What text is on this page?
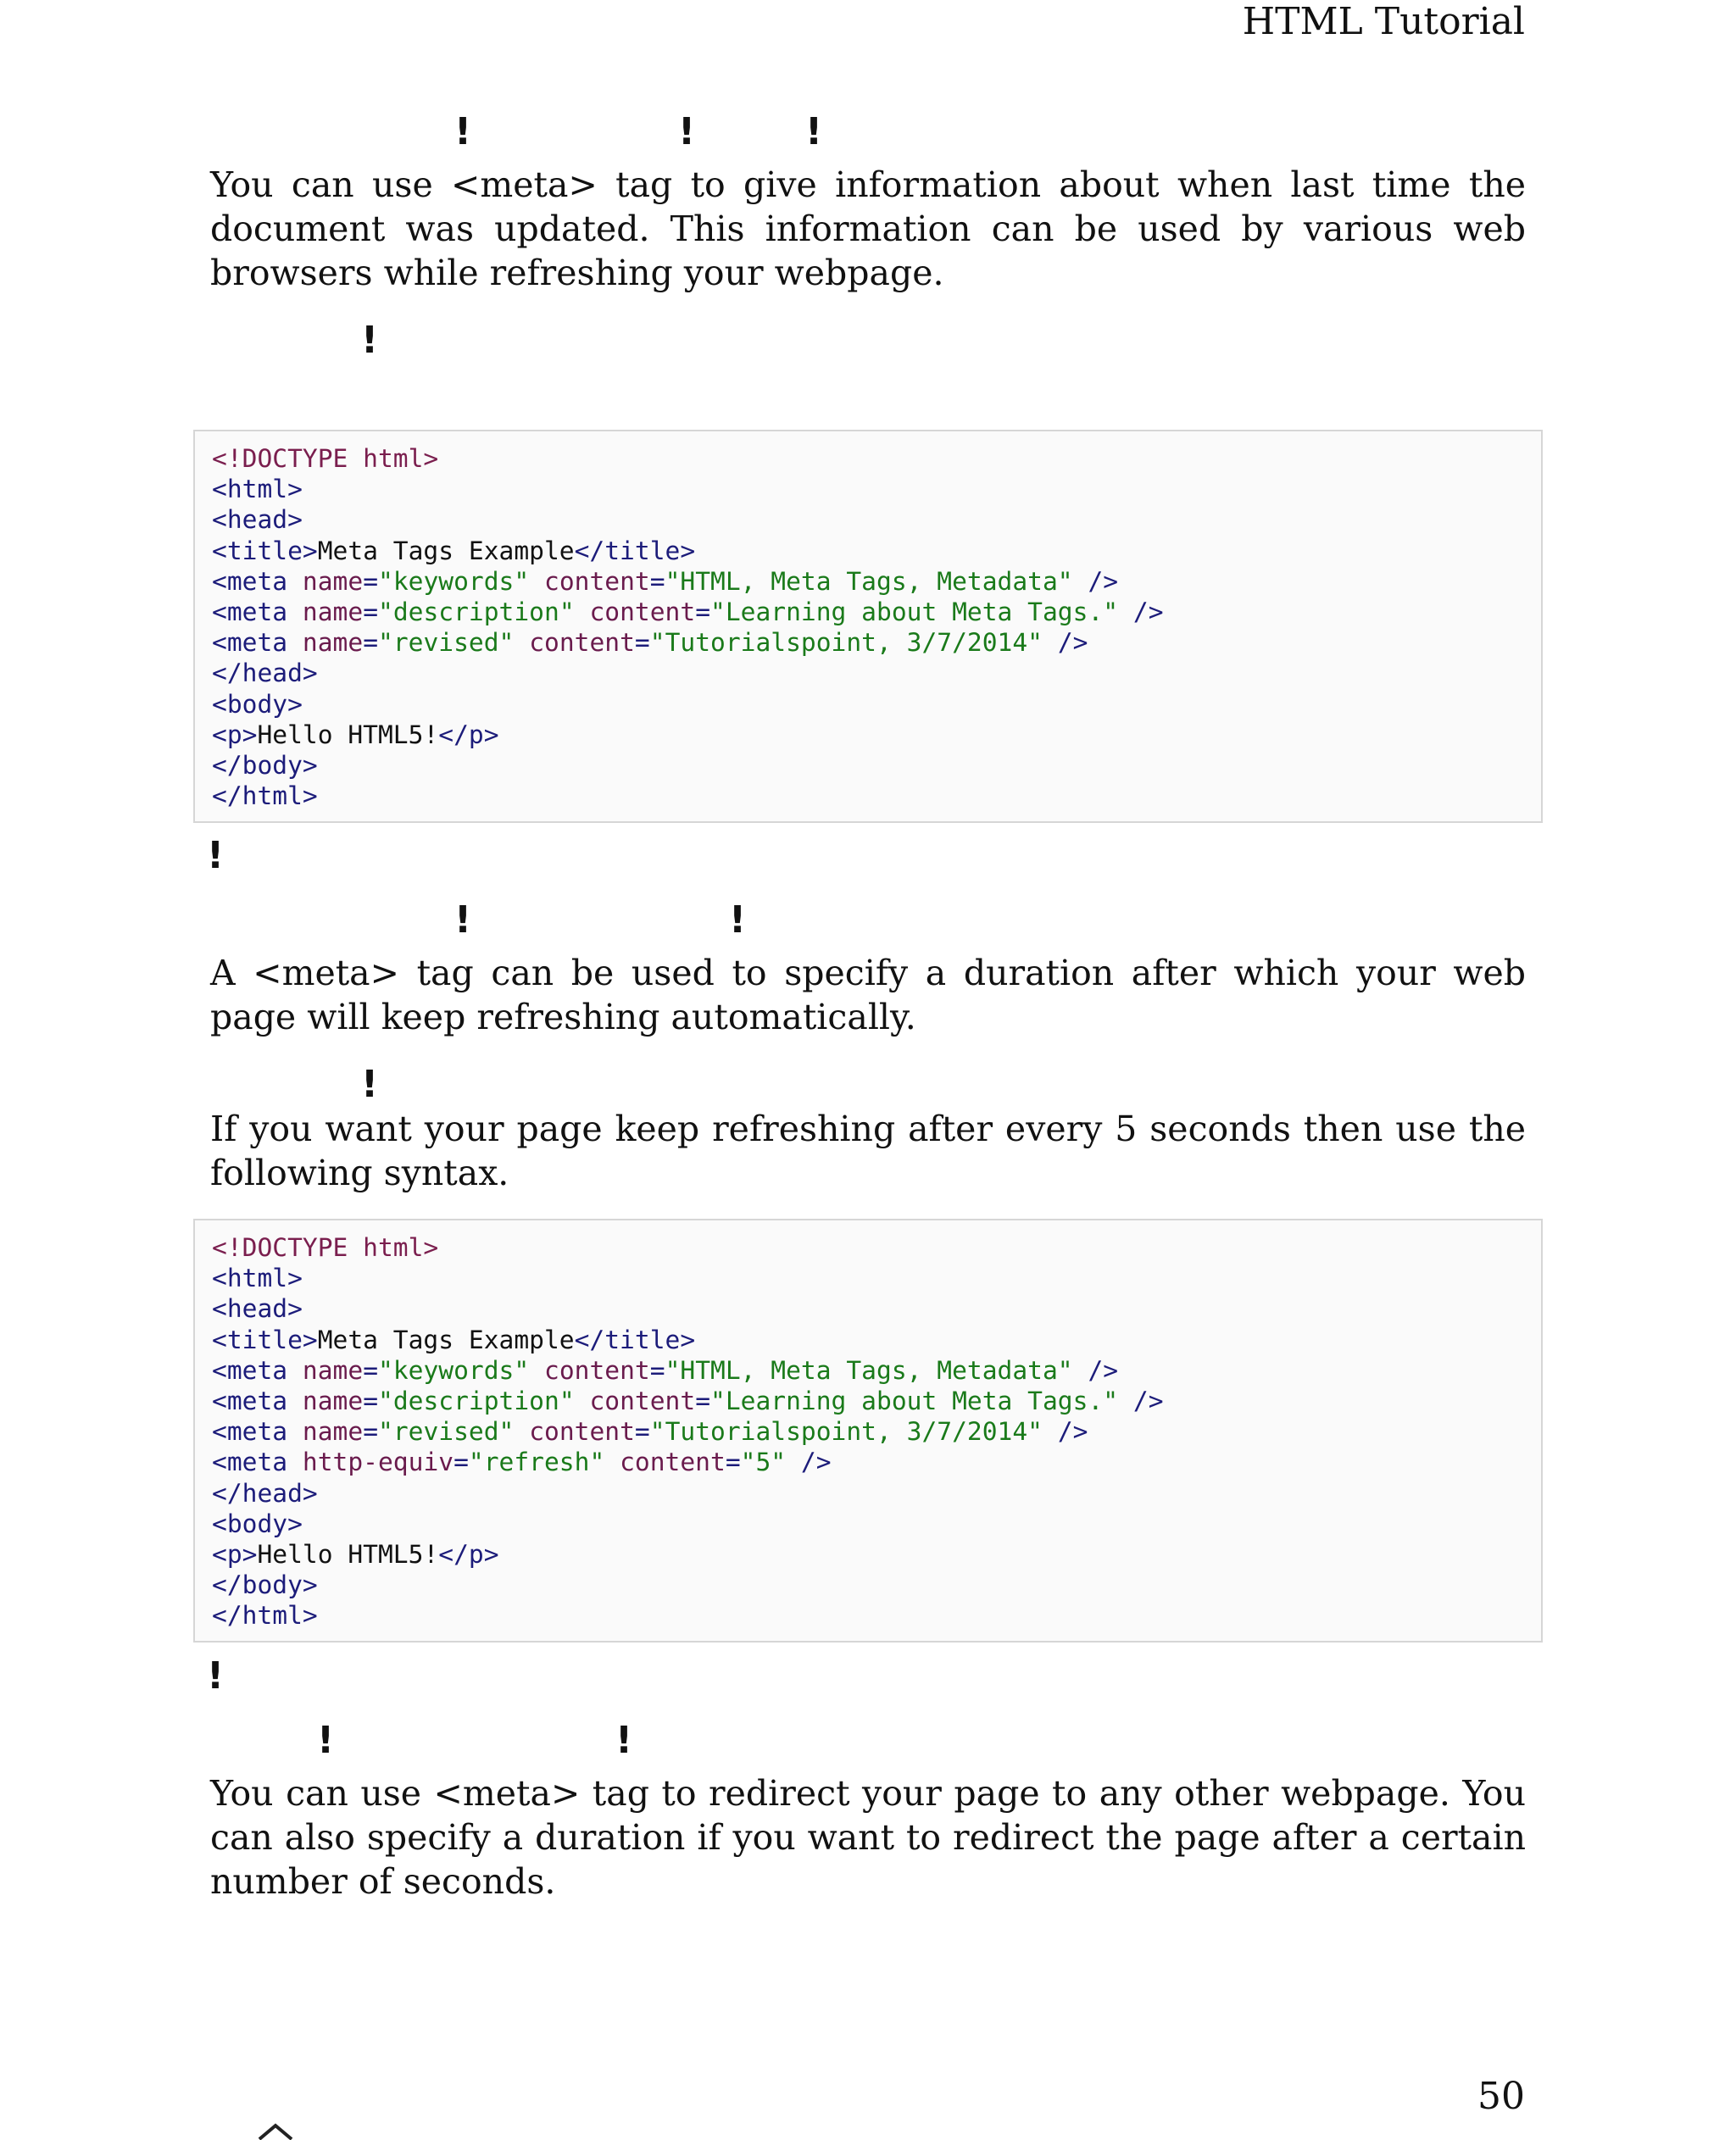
HTML Tutorial
!	!	!
You can use <meta> tag to give information about when last time the document was updated. This information can be used by various web browsers while refreshing your webpage.
!
<!DOCTYPE html>
<html>
<head>
<title>Meta Tags Example</title>
<meta name="keywords" content="HTML, Meta Tags, Metadata" />
<meta name="description" content="Learning about Meta Tags." />
<meta name="revised" content="Tutorialspoint, 3/7/2014" />
</head>
<body>
<p>Hello HTML5!</p>
</body>
</html>
!
!	!
A <meta> tag can be used to specify a duration after which your web page will keep refreshing automatically.
!
If you want your page keep refreshing after every 5 seconds then use the following syntax.
<!DOCTYPE html>
<html>
<head>
<title>Meta Tags Example</title>
<meta name="keywords" content="HTML, Meta Tags, Metadata" />
<meta name="description" content="Learning about Meta Tags." />
<meta name="revised" content="Tutorialspoint, 3/7/2014" />
<meta http-equiv="refresh" content="5" />
</head>
<body>
<p>Hello HTML5!</p>
</body>
</html>
!
!	!
You can use <meta> tag to redirect your page to any other webpage. You can also specify a duration if you want to redirect the page after a certain number of seconds.
50
